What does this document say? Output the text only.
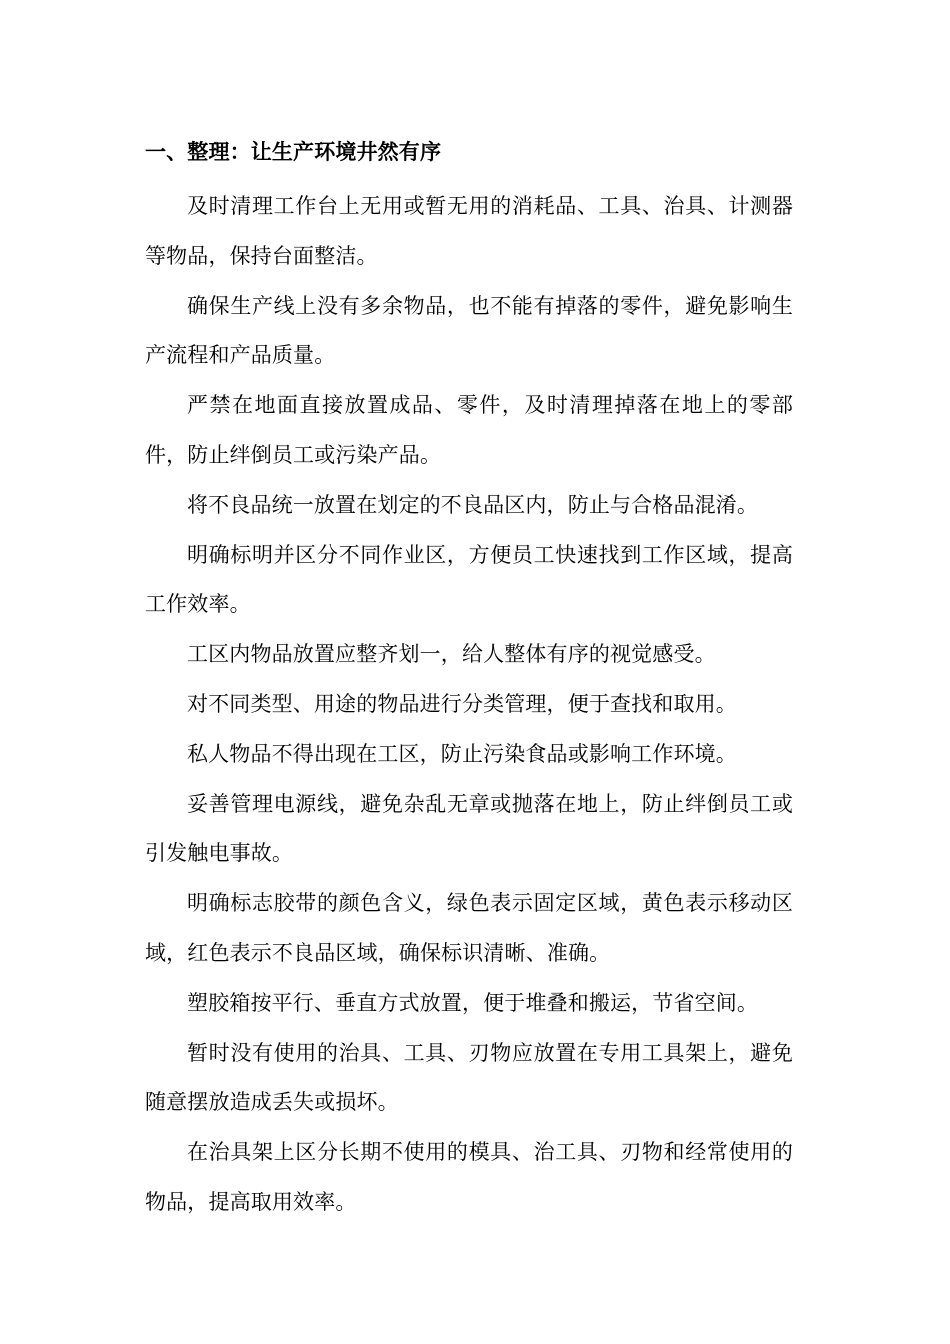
一、整理：让生产环境井然有序

及时清理工作台上无用或暂无用的消耗品、工具、治具、计测器等物品，保持台面整洁。

确保生产线上没有多余物品，也不能有掉落的零件，避免影响生产流程和产品质量。

严禁在地面直接放置成品、零件，及时清理掉落在地上的零部件，防止绊倒员工或污染产品。

将不良品统一放置在划定的不良品区内，防止与合格品混淆。

明确标明并区分不同作业区，方便员工快速找到工作区域，提高工作效率。

工区内物品放置应整齐划一，给人整体有序的视觉感受。

对不同类型、用途的物品进行分类管理，便于查找和取用。

私人物品不得出现在工区，防止污染食品或影响工作环境。

妥善管理电源线，避免杂乱无章或抛落在地上，防止绊倒员工或引发触电事故。

明确标志胶带的颜色含义，绿色表示固定区域，黄色表示移动区域，红色表示不良品区域，确保标识清晰、准确。

塑胶箱按平行、垂直方式放置，便于堆叠和搬运，节省空间。

暂时没有使用的治具、工具、刃物应放置在专用工具架上，避免随意摆放造成丢失或损坏。

在治具架上区分长期不使用的模具、治工具、刃物和经常使用的物品，提高取用效率。
